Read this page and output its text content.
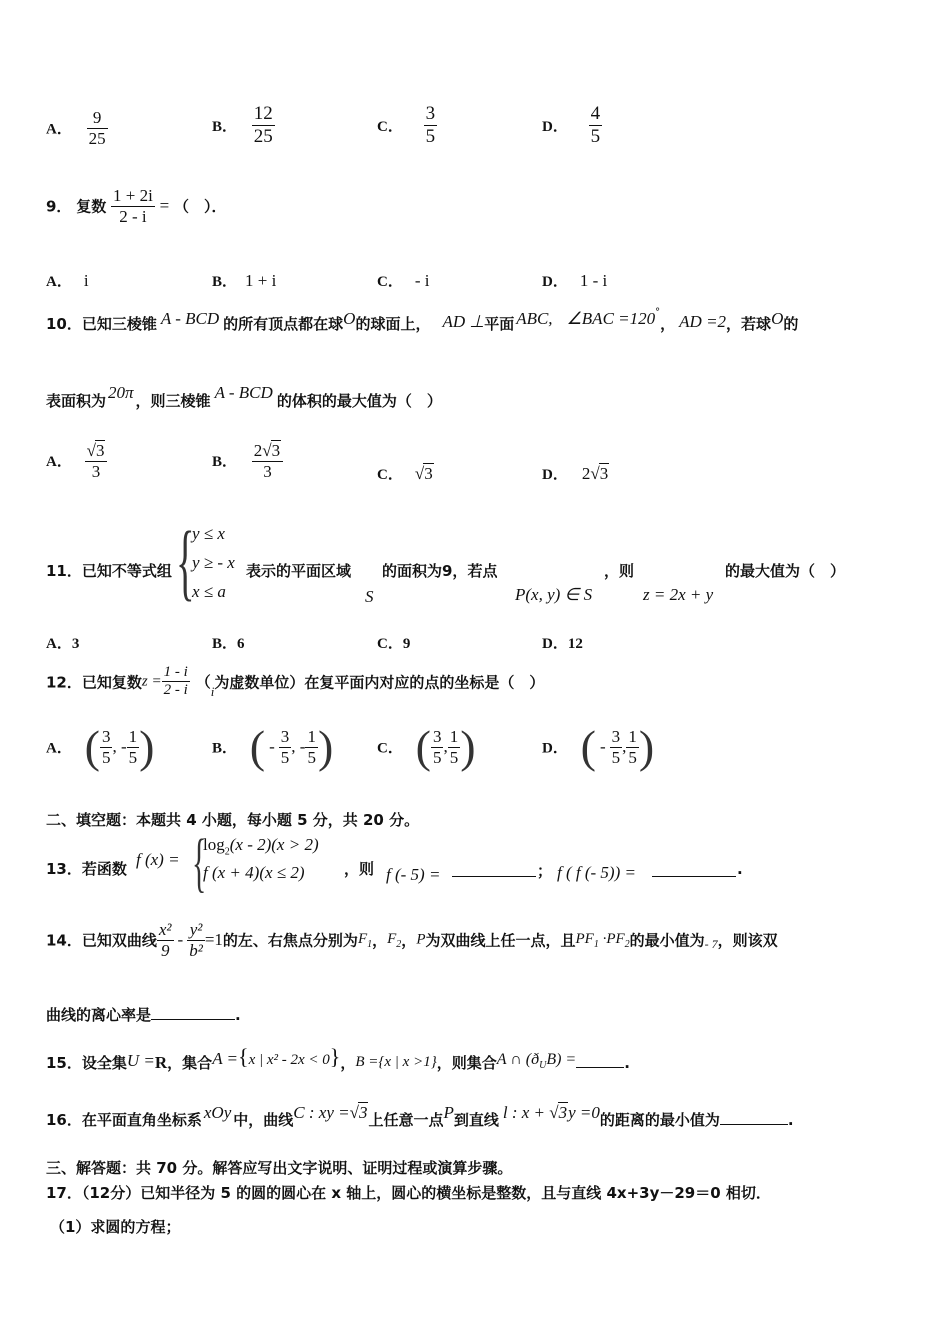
A． $\frac{9}{25}$	B． $\frac{12}{25}$	C． $\frac{3}{5}$	D． $\frac{4}{5}$
9． 复数 $\frac{1 + 2i}{2 - i}$ = （　）．
A． i	B． 1 + i	C． - i	D． 1 - i
10．已知三棱锥 A - BCD 的所有顶点都在球O的球面上， AD ⊥平面 ABC, ∠BAC =120°， AD =2，若球O的
表面积为 20π ，则三棱锥 A - BCD 的体积的最大值为（　）
A． $\frac{√3}{3}$	B． $\frac{2√3}{3}$	C． √3	D． 2√3
{
y ≤ x
y ≥ - x
x ≤ a
11．已知不等式组	表示的平面区域
S
的面积为9，若点
P(x, y) ∈ S
，则
z = 2x + y
的最大值为（　）
A．3	B．6	C．9	D．12
12．已知复数$z = \frac{1 - i}{2 - i} (i$为虚数单位）在复平面内对应的点的坐标是（　）
A． ( $\frac{3}{5}$ , - $\frac{1}{5}$ )	B． ( - $\frac{3}{5}$ , - $\frac{1}{5}$ )	C． ( $\frac{3}{5}$ , $\frac{1}{5}$ )	D． ( - $\frac{3}{5}$ , $\frac{1}{5}$ )
二、填空题：本题共 4 小题，每小题 5 分，共 20 分。
13．若函数 f (x) = {
$\log_2(x - 2)(x > 2)$
f (x + 4)(x ≤ 2)	，则 f (- 5) =	； f ( f (- 5)) =	.
14．已知双曲线 $\frac{\text{x²}}{9} - \frac{\text{y²}}{\text{b²}} =1$的左、右焦点分别为$F_1$，$F_2$，P为双曲线上任一点，且$PF_1 \cdot PF_2$的最小值为$_{- 7}$，则该双
曲线的离心率是	.
15．设全集U =R，集合A ={x | x² - 2x < 0}，B ={x | x >1}，则集合A ∩ $(ð_UB)$ =	.
16．在平面直角坐标系 xOy 中，曲线C : xy =√3上任意一点P到直线 l : x + √3y =0的距离的最小值为	.
三、解答题：共 70 分。解答应写出文字说明、证明过程或演算步骤。
17．（12分）已知半径为 5 的圆的圆心在 x 轴上，圆心的横坐标是整数，且与直线 4x+3y－29＝0 相切．
（1）求圆的方程；
